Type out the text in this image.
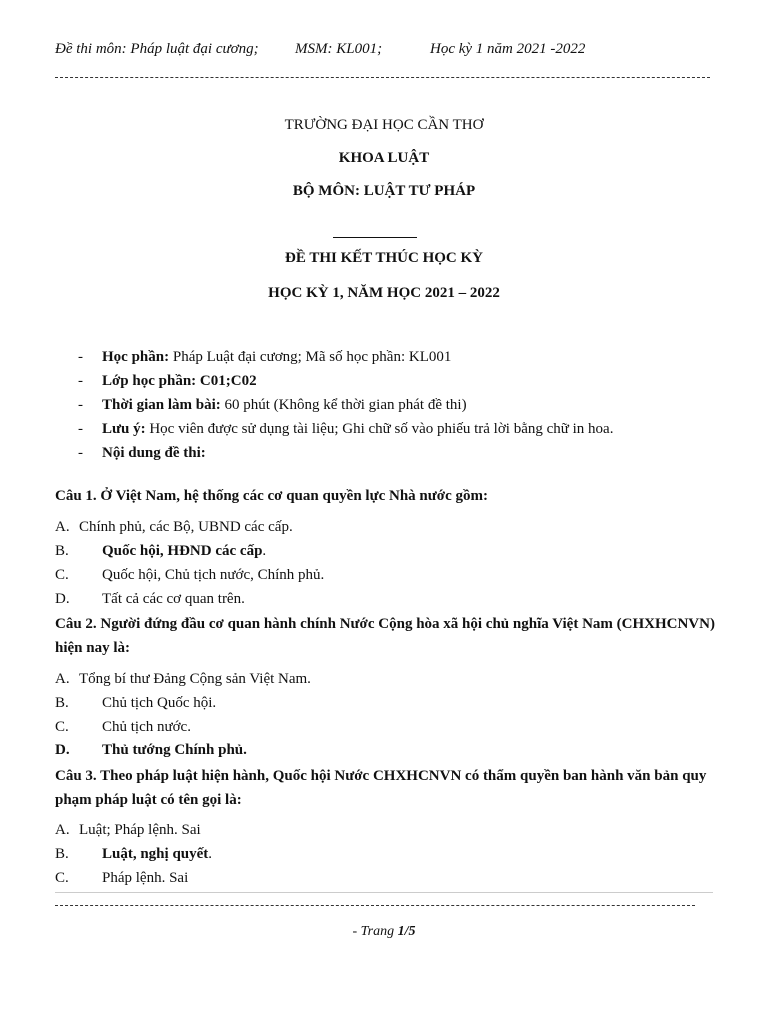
Đề thi môn: Pháp luật đại cương; MSM: KL001;	Học kỳ 1 năm 2021 -2022
TRƯỜNG ĐẠI HỌC CẦN THƠ
KHOA LUẬT
BỘ MÔN: LUẬT TƯ PHÁP
ĐỀ THI KẾT THÚC HỌC KỲ
HỌC KỲ 1, NĂM HỌC 2021 – 2022
- Học phần: Pháp Luật đại cương; Mã số học phần: KL001
- Lớp học phần: C01;C02
- Thời gian làm bài: 60 phút (Không kể thời gian phát đề thi)
- Lưu ý: Học viên được sử dụng tài liệu; Ghi chữ số vào phiếu trả lời bằng chữ in hoa.
- Nội dung đề thi:
Câu 1. Ở Việt Nam, hệ thống các cơ quan quyền lực Nhà nước gồm:
A. Chính phủ, các Bộ, UBND các cấp.
B. Quốc hội, HĐND các cấp.
C. Quốc hội, Chủ tịch nước, Chính phủ.
D. Tất cả các cơ quan trên.
Câu 2. Người đứng đầu cơ quan hành chính Nước Cộng hòa xã hội chủ nghĩa Việt Nam (CHXHCNVN) hiện nay là:
A. Tổng bí thư Đảng Cộng sản Việt Nam.
B. Chủ tịch Quốc hội.
C. Chủ tịch nước.
D. Thủ tướng Chính phủ.
Câu 3. Theo pháp luật hiện hành, Quốc hội Nước CHXHCNVN có thẩm quyền ban hành văn bản quy phạm pháp luật có tên gọi là:
A. Luật; Pháp lệnh. Sai
B. Luật, nghị quyết.
C. Pháp lệnh. Sai
- Trang 1/5
